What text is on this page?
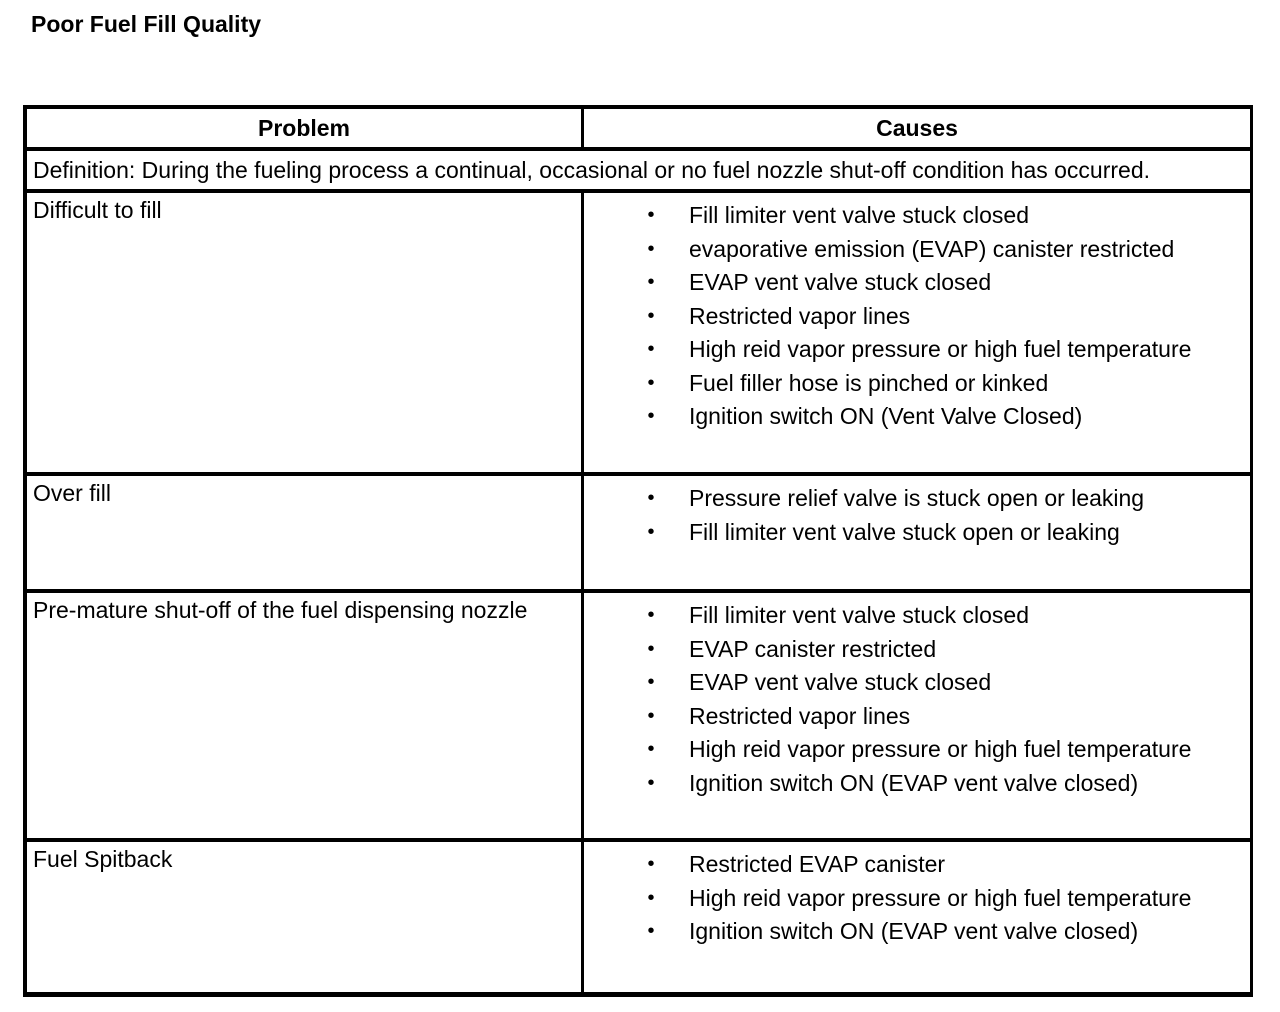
Poor Fuel Fill Quality
Problem	Causes
Definition: During the fueling process a continual, occasional or no fuel nozzle shut-off condition has occurred.
Difficult to fill	• Fill limiter vent valve stuck closed
• evaporative emission (EVAP) canister restricted
• EVAP vent valve stuck closed
• Restricted vapor lines
• High reid vapor pressure or high fuel temperature
• Fuel filler hose is pinched or kinked
• Ignition switch ON (Vent Valve Closed)
Over fill	• Pressure relief valve is stuck open or leaking
• Fill limiter vent valve stuck open or leaking
Pre-mature shut-off of the fuel dispensing nozzle	• Fill limiter vent valve stuck closed
• EVAP canister restricted
• EVAP vent valve stuck closed
• Restricted vapor lines
• High reid vapor pressure or high fuel temperature
• Ignition switch ON (EVAP vent valve closed)
Fuel Spitback	• Restricted EVAP canister
• High reid vapor pressure or high fuel temperature
• Ignition switch ON (EVAP vent valve closed)
